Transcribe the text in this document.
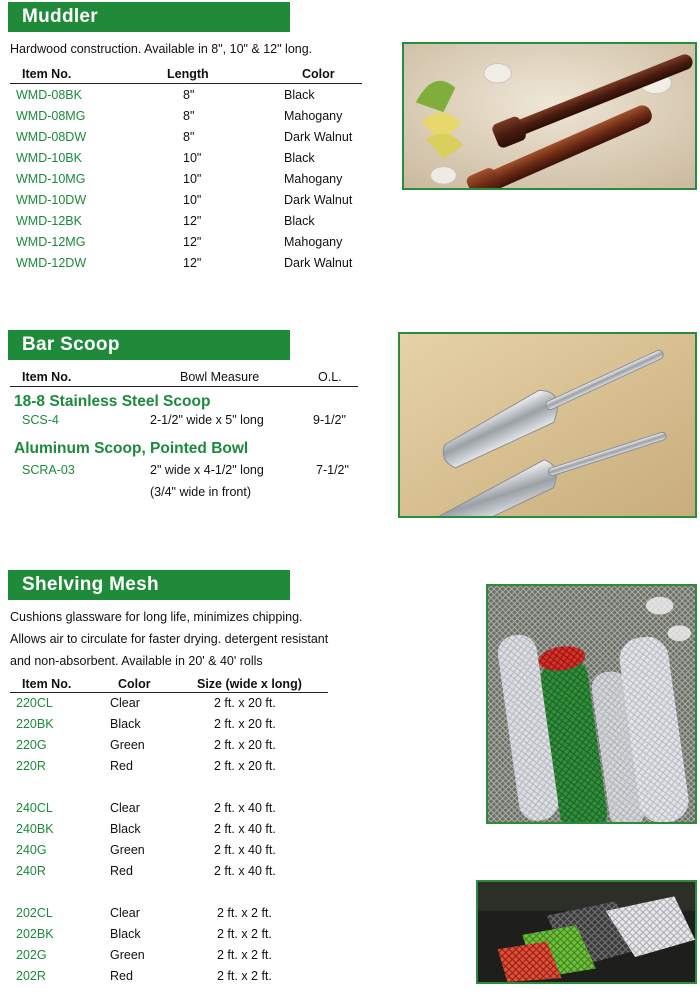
Muddler
Hardwood construction. Available in 8", 10" & 12" long.
Item No.	Length	Color
WMD-08BK	8"	Black
WMD-08MG	8"	Mahogany
WMD-08DW	8"	Dark Walnut
WMD-10BK	10"	Black
WMD-10MG	10"	Mahogany
WMD-10DW	10"	Dark Walnut
WMD-12BK	12"	Black
WMD-12MG	12"	Mahogany
WMD-12DW	12"	Dark Walnut
Bar Scoop
Item No.	Bowl Measure	O.L.
18-8 Stainless Steel Scoop
SCS-4	2-1/2" wide x 5" long	9-1/2"
Aluminum Scoop, Pointed Bowl
SCRA-03	2" wide x 4-1/2" long	7-1/2"
(3/4" wide in front)
Shelving Mesh
Cushions glassware for long life, minimizes chipping.
Allows air to circulate for faster drying. detergent resistant
and non-absorbent. Available in 20' & 40' rolls
Item No.	Color	Size (wide x long)
220CL	Clear	2 ft. x 20 ft.
220BK	Black	2 ft. x 20 ft.
220G	Green	2 ft. x 20 ft.
220R	Red	2 ft. x 20 ft.
240CL	Clear	2 ft. x 40 ft.
240BK	Black	2 ft. x 40 ft.
240G	Green	2 ft. x 40 ft.
240R	Red	2 ft. x 40 ft.
202CL	Clear	2 ft. x 2 ft.
202BK	Black	2 ft. x 2 ft.
202G	Green	2 ft. x 2 ft.
202R	Red	2 ft. x 2 ft.
